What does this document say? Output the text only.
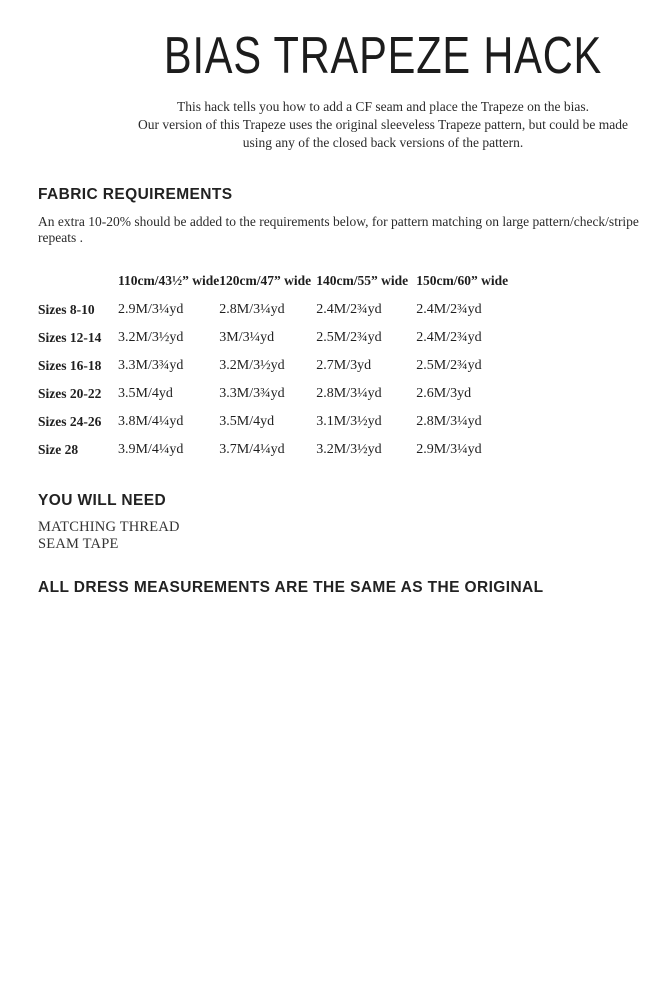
BIAS TRAPEZE HACK
This hack tells you how to add a CF seam and place the Trapeze on the bias.
Our version of this Trapeze uses the original sleeveless Trapeze pattern, but could be made
using any of the closed back versions of the pattern.
FABRIC REQUIREMENTS
An extra 10-20% should be added to the requirements below, for pattern matching on large pattern/check/stripe repeats .
	110cm/43½” wide	120cm/47” wide	140cm/55” wide	150cm/60” wide
Sizes 8-10	2.9M/3¼yd	2.8M/3¼yd	2.4M/2¾yd	2.4M/2¾yd
Sizes 12-14	3.2M/3½yd	3M/3¼yd	2.5M/2¾yd	2.4M/2¾yd
Sizes 16-18	3.3M/3¾yd	3.2M/3½yd	2.7M/3yd	2.5M/2¾yd
Sizes 20-22	3.5M/4yd	3.3M/3¾yd	2.8M/3¼yd	2.6M/3yd
Sizes 24-26	3.8M/4¼yd	3.5M/4yd	3.1M/3½yd	2.8M/3¼yd
Size 28	3.9M/4¼yd	3.7M/4¼yd	3.2M/3½yd	2.9M/3¼yd
YOU WILL NEED
MATCHING THREAD
SEAM TAPE
ALL DRESS MEASUREMENTS ARE THE SAME AS THE ORIGINAL
